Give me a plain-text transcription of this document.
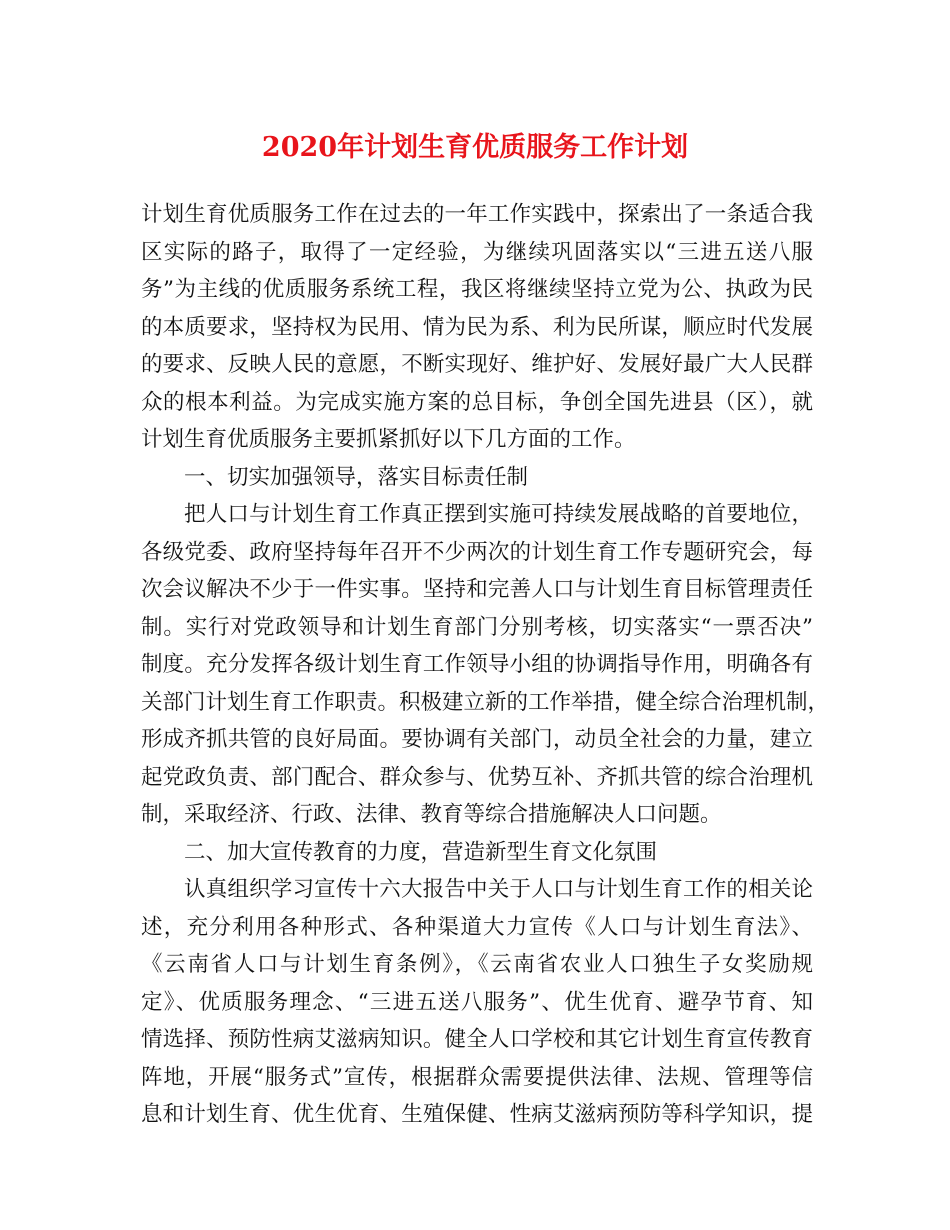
2020年计划生育优质服务工作计划
计划生育优质服务工作在过去的一年工作实践中，探索出了一条适合我
区实际的路子，取得了一定经验，为继续巩固落实以“三进五送八服
务”为主线的优质服务系统工程，我区将继续坚持立党为公、执政为民
的本质要求，坚持权为民用、情为民为系、利为民所谋，顺应时代发展
的要求、反映人民的意愿，不断实现好、维护好、发展好最广大人民群
众的根本利益。为完成实施方案的总目标，争创全国先进县（区），就
计划生育优质服务主要抓紧抓好以下几方面的工作。
一、切实加强领导，落实目标责任制
把人口与计划生育工作真正摆到实施可持续发展战略的首要地位，
各级党委、政府坚持每年召开不少两次的计划生育工作专题研究会，每
次会议解决不少于一件实事。坚持和完善人口与计划生育目标管理责任
制。实行对党政领导和计划生育部门分别考核，切实落实“一票否决”
制度。充分发挥各级计划生育工作领导小组的协调指导作用，明确各有
关部门计划生育工作职责。积极建立新的工作举措，健全综合治理机制，
形成齐抓共管的良好局面。要协调有关部门，动员全社会的力量，建立
起党政负责、部门配合、群众参与、优势互补、齐抓共管的综合治理机
制，采取经济、行政、法律、教育等综合措施解决人口问题。
二、加大宣传教育的力度，营造新型生育文化氛围
认真组织学习宣传十六大报告中关于人口与计划生育工作的相关论
述，充分利用各种形式、各种渠道大力宣传《人口与计划生育法》、
《云南省人口与计划生育条例》，《云南省农业人口独生子女奖励规
定》、优质服务理念、“三进五送八服务”、优生优育、避孕节育、知
情选择、预防性病艾滋病知识。健全人口学校和其它计划生育宣传教育
阵地，开展“服务式”宣传，根据群众需要提供法律、法规、管理等信
息和计划生育、优生优育、生殖保健、性病艾滋病预防等科学知识，提
